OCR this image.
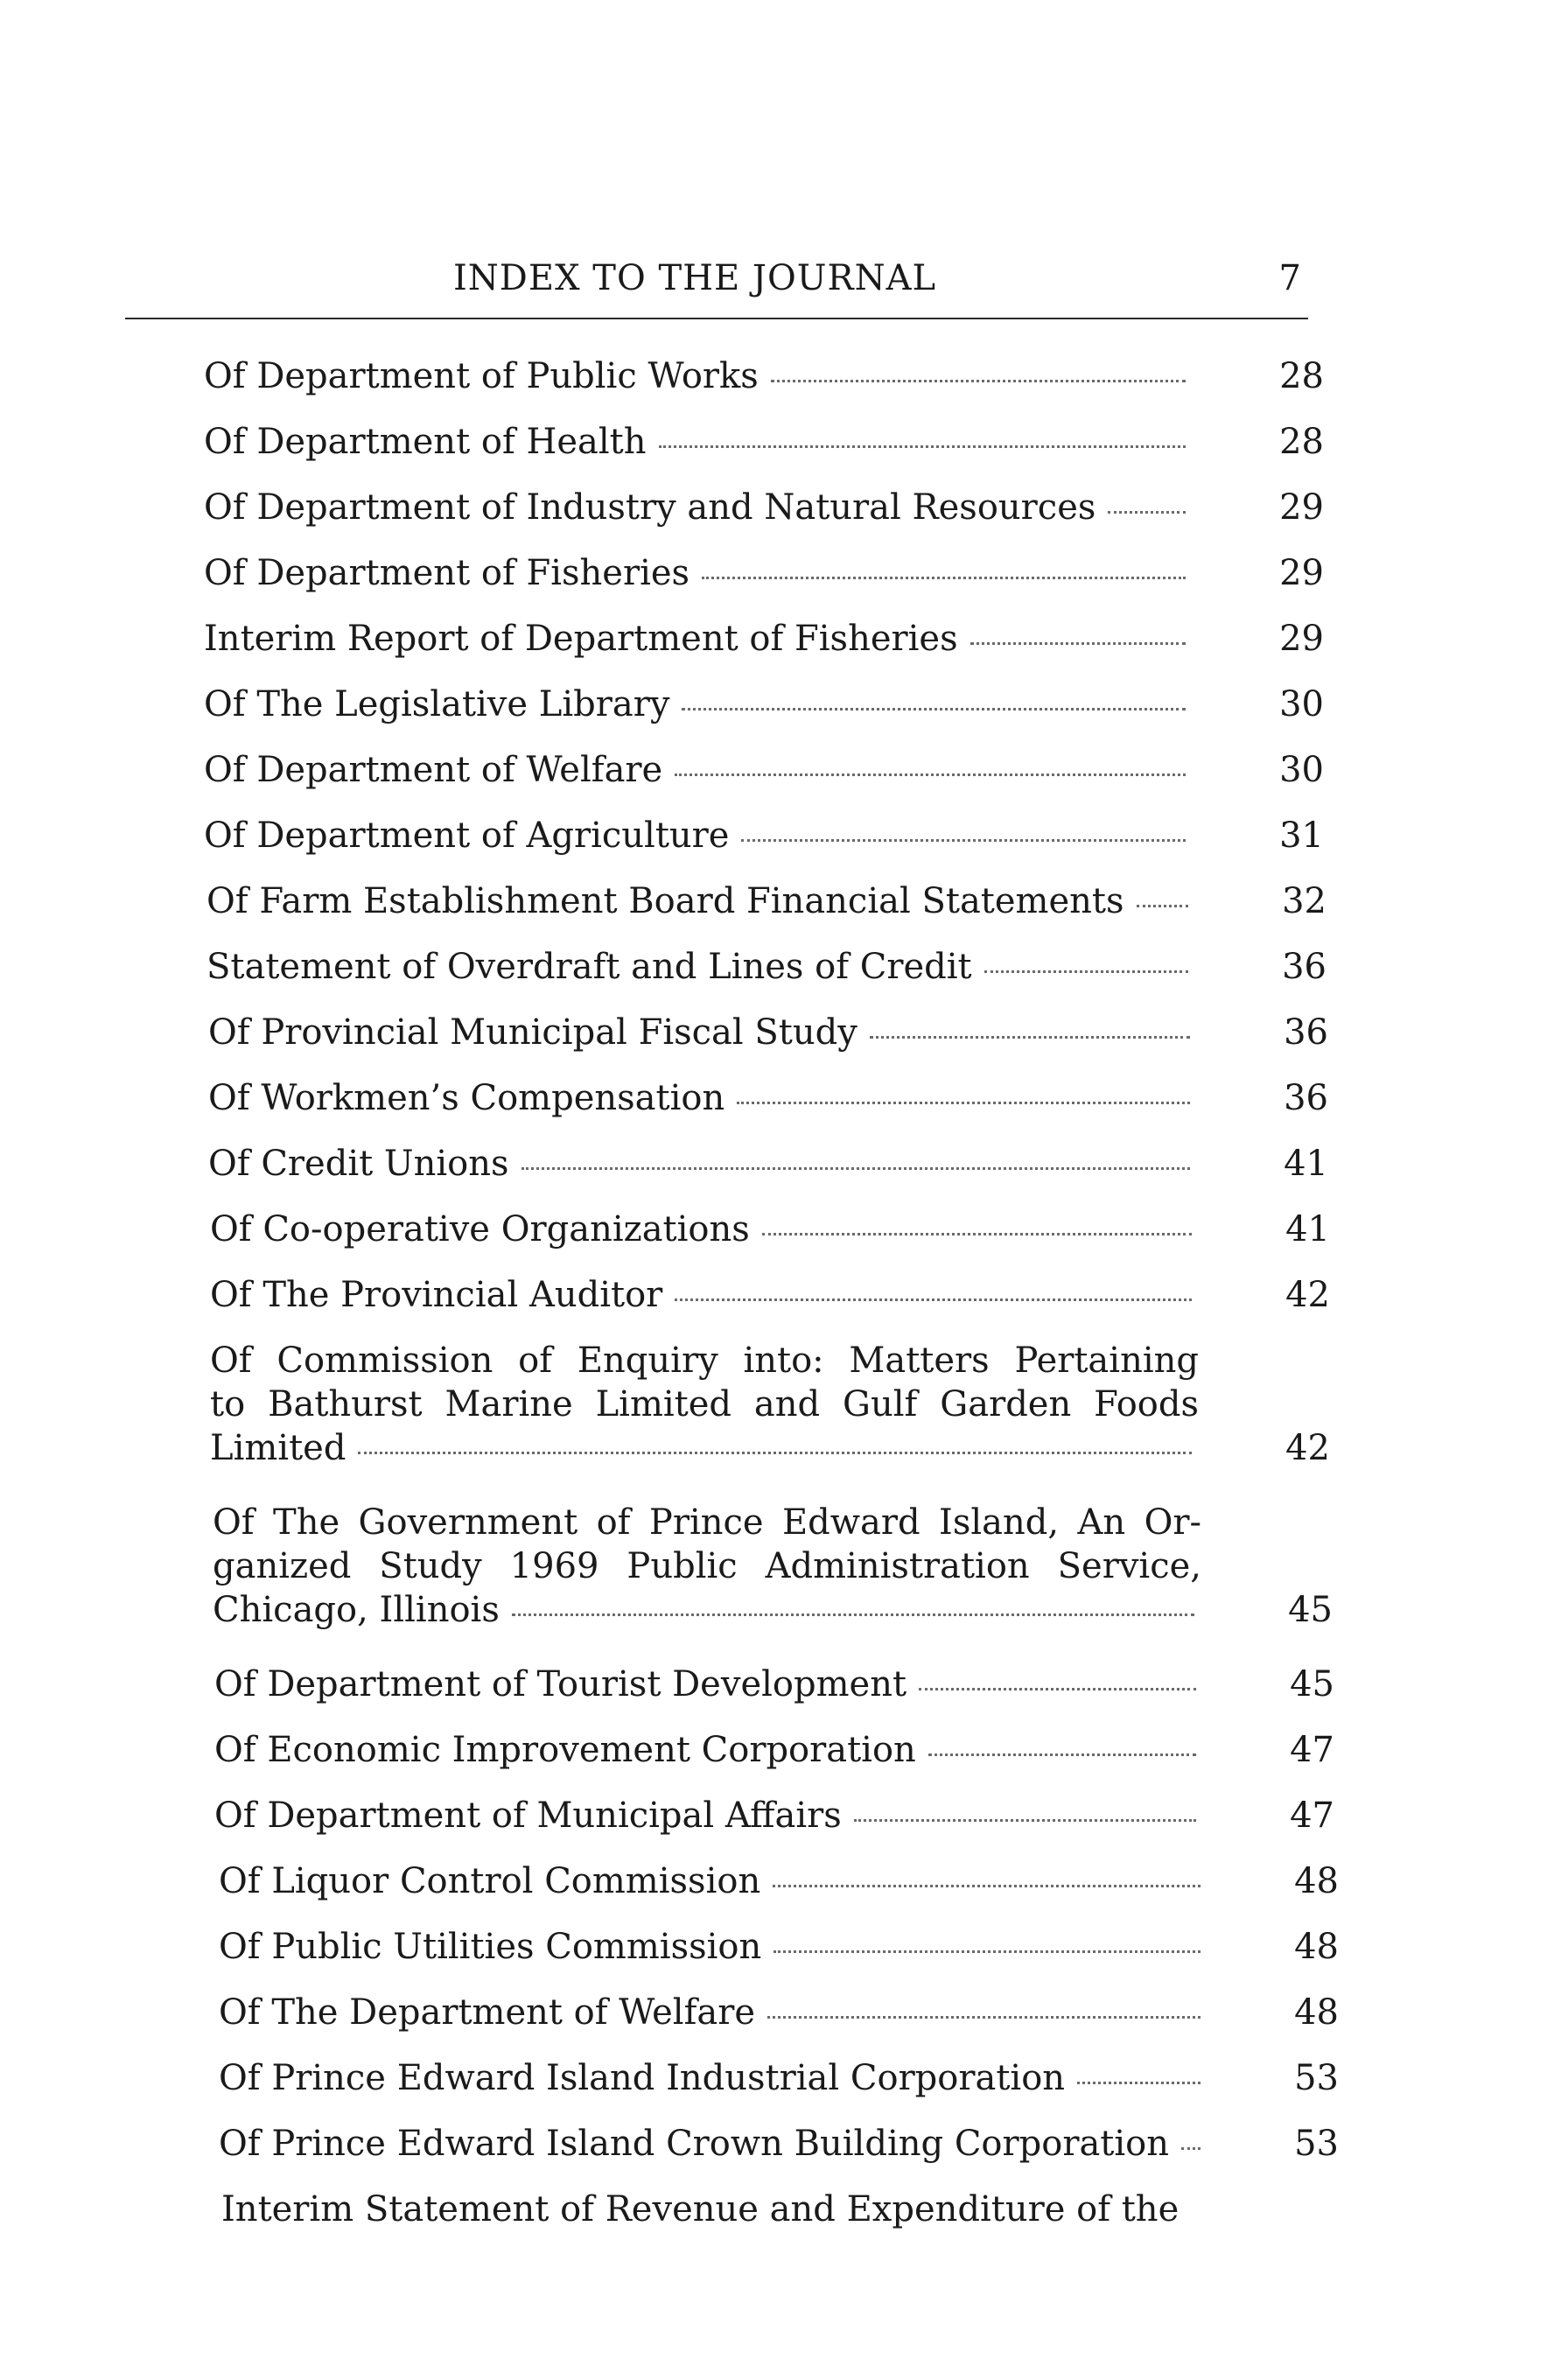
INDEX TO THE JOURNAL	7
Of Department of Public Works	28
Of Department of Health	28
Of Department of Industry and Natural Resources	29
Of Department of Fisheries	29
Interim Report of Department of Fisheries	29
Of The Legislative Library	30
Of Department of Welfare	30
Of Department of Agriculture	31
Of Farm Establishment Board Financial Statements	32
Statement of Overdraft and Lines of Credit	36
Of Provincial Municipal Fiscal Study	36
Of Workmen’s Compensation	36
Of Credit Unions	41
Of Co-operative Organizations	41
Of The Provincial Auditor	42
Of Commission of Enquiry into: Matters Pertaining
to Bathurst Marine Limited and Gulf Garden Foods
Limited	42
Of The Government of Prince Edward Island, An Or-
ganized Study 1969 Public Administration Service,
Chicago, Illinois	45
Of Department of Tourist Development	45
Of Economic Improvement Corporation	47
Of Department of Municipal Affairs	47
Of Liquor Control Commission	48
Of Public Utilities Commission	48
Of The Department of Welfare	48
Of Prince Edward Island Industrial Corporation	53
Of Prince Edward Island Crown Building Corporation	53
Interim Statement of Revenue and Expenditure of the
